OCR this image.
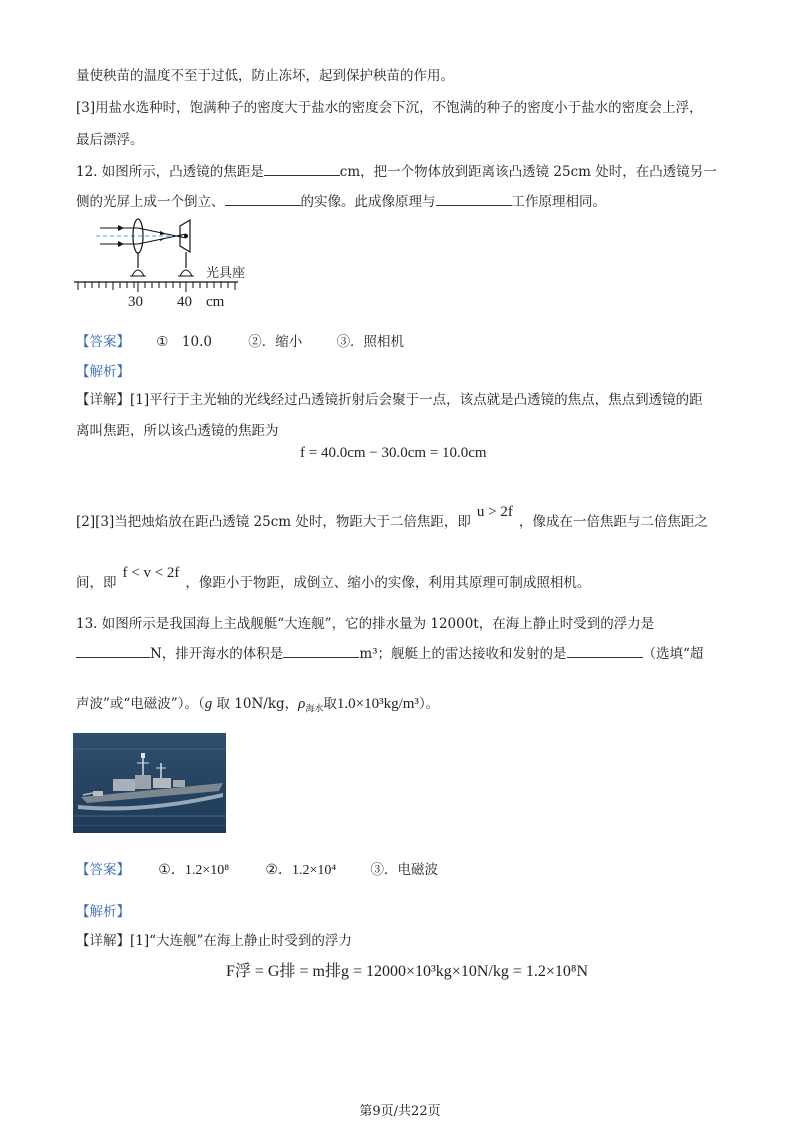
量使秧苗的温度不至于过低，防止冻坏，起到保护秧苗的作用。
[3]用盐水选种时，饱满种子的密度大于盐水的密度会下沉，不饱满的种子的密度小于盐水的密度会上浮，
最后漂浮。
12. 如图所示，凸透镜的焦距是	cm，把一个物体放到距离该凸透镜 25cm 处时，在凸透镜另一
侧的光屏上成一个倒立、	的实像。此成像原理与	工作原理相同。
光具座
30 40 cm
【答案】 ①　10.0	②．缩小	③．照相机
【解析】
【详解】[1]平行于主光轴的光线经过凸透镜折射后会聚于一点，该点就是凸透镜的焦点，焦点到透镜的距
离叫焦距，所以该凸透镜的焦距为
f = 40.0cm − 30.0cm = 10.0cm
[2][3]当把烛焰放在距凸透镜 25cm 处时，物距大于二倍焦距，即u > 2f，像成在一倍焦距与二倍焦距之
间，即f < v < 2f，像距小于物距，成倒立、缩小的实像，利用其原理可制成照相机。
13. 如图所示是我国海上主战舰艇“大连舰”，它的排水量为 12000t，在海上静止时受到的浮力是
N，排开海水的体积是	m³；舰艇上的雷达接收和发射的是	（选填“超
声波”或“电磁波”）。（g 取 10N/kg，$\rho_{海水}$取1.0×10³kg/m³）。
【答案】 ①．1.2×10⁸	②．1.2×10⁴	③．电磁波
【解析】
【详解】[1]“大连舰”在海上静止时受到的浮力
F浮 = G排 = m排g = 12000×10³kg×10N/kg = 1.2×10⁸N
第9页/共22页
